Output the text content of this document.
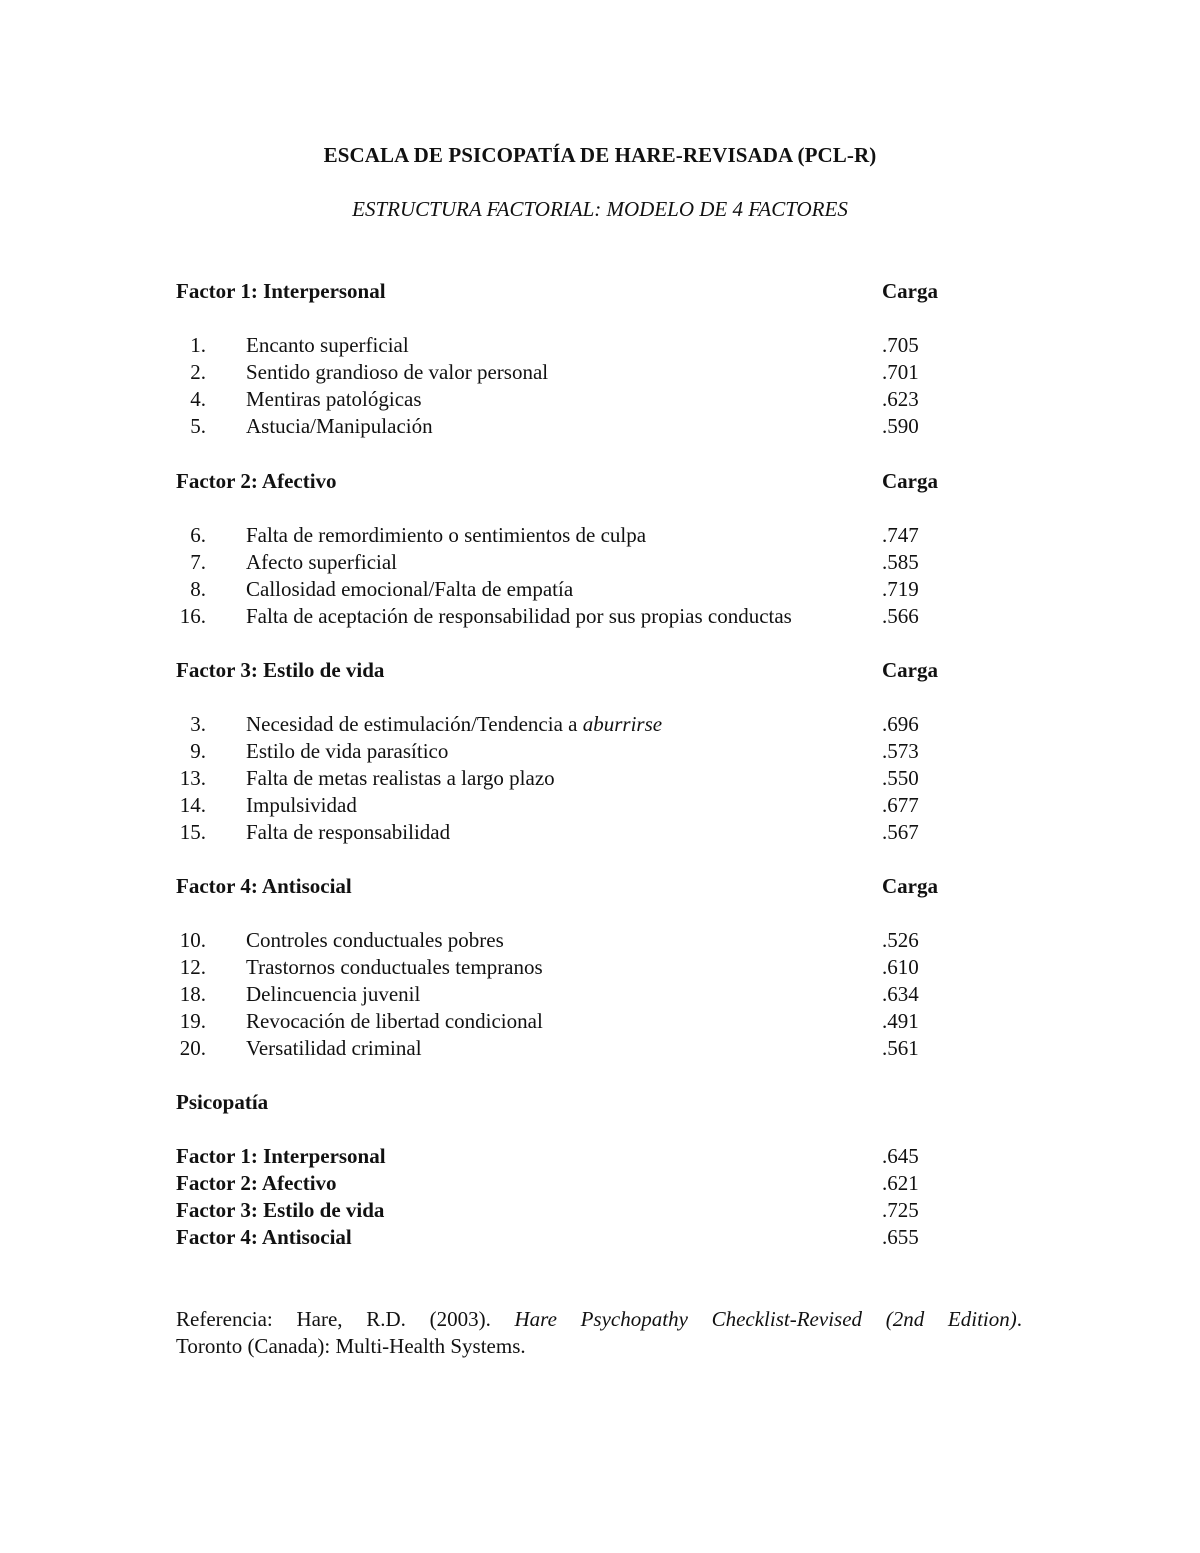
ESCALA DE PSICOPATÍA DE HARE-REVISADA (PCL-R)
ESTRUCTURA FACTORIAL: MODELO DE 4 FACTORES
Factor 1: Interpersonal	Carga
1. Encanto superficial	.705
2. Sentido grandioso de valor personal	.701
4. Mentiras patológicas	.623
5. Astucia/Manipulación	.590
Factor 2: Afectivo	Carga
6. Falta de remordimiento o sentimientos de culpa	.747
7. Afecto superficial	.585
8. Callosidad emocional/Falta de empatía	.719
16. Falta de aceptación de responsabilidad por sus propias conductas	.566
Factor 3: Estilo de vida	Carga
3. Necesidad de estimulación/Tendencia a aburrirse	.696
9. Estilo de vida parasítico	.573
13. Falta de metas realistas a largo plazo	.550
14. Impulsividad	.677
15. Falta de responsabilidad	.567
Factor 4: Antisocial	Carga
10. Controles conductuales pobres	.526
12. Trastornos conductuales tempranos	.610
18. Delincuencia juvenil	.634
19. Revocación de libertad condicional	.491
20. Versatilidad criminal	.561
Psicopatía
Factor 1: Interpersonal	.645
Factor 2: Afectivo	.621
Factor 3: Estilo de vida	.725
Factor 4: Antisocial	.655
Referencia: Hare, R.D. (2003). Hare Psychopathy Checklist-Revised (2nd Edition).
Toronto (Canada): Multi-Health Systems.
